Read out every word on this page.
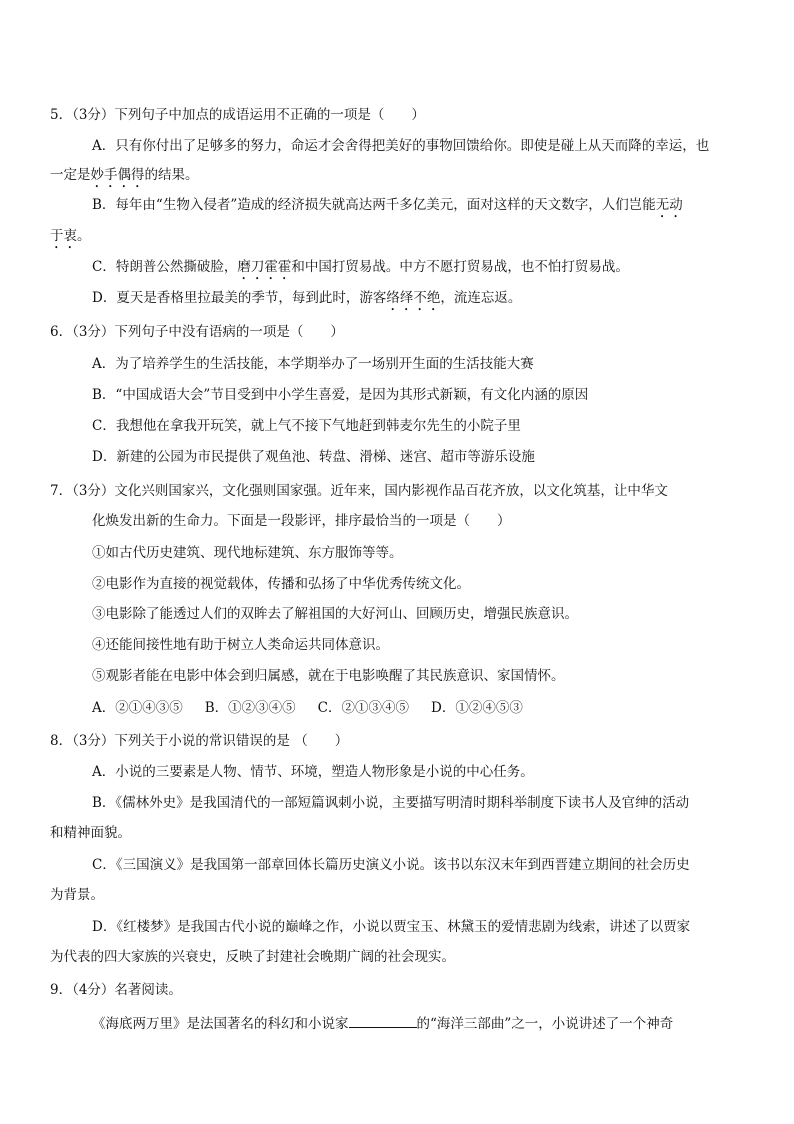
5．（3分）下列句子中加点的成语运用不正确的一项是（　　）
A．只有你付出了足够多的努力，命运才会舍得把美好的事物回馈给你。即使是碰上从天而降的幸运，也
一定是妙手偶得的结果。
B．每年由“生物入侵者”造成的经济损失就高达两千多亿美元，面对这样的天文数字，人们岂能无动
于衷。
C．特朗普公然撕破脸，磨刀霍霍和中国打贸易战。中方不愿打贸易战，也不怕打贸易战。
D．夏天是香格里拉最美的季节，每到此时，游客络绎不绝，流连忘返。
6．（3分）下列句子中没有语病的一项是（　　）
A．为了培养学生的生活技能，本学期举办了一场别开生面的生活技能大赛
B．“中国成语大会”节目受到中小学生喜爱，是因为其形式新颖，有文化内涵的原因
C．我想他在拿我开玩笑，就上气不接下气地赶到韩麦尔先生的小院子里
D．新建的公园为市民提供了观鱼池、转盘、滑梯、迷宫、超市等游乐设施
7．（3分）文化兴则国家兴，文化强则国家强。近年来，国内影视作品百花齐放，以文化筑基，让中华文
化焕发出新的生命力。下面是一段影评，排序最恰当的一项是（　　）
①如古代历史建筑、现代地标建筑、东方服饰等等。
②电影作为直接的视觉载体，传播和弘扬了中华优秀传统文化。
③电影除了能透过人们的双眸去了解祖国的大好河山、回顾历史，增强民族意识。
④还能间接性地有助于树立人类命运共同体意识。
⑤观影者能在电影中体会到归属感，就在于电影唤醒了其民族意识、家国情怀。
A．②①④③⑤ B．①②③④⑤ C．②①③④⑤ D．①②④⑤③
8．（3分）下列关于小说的常识错误的是 （　　）
A．小说的三要素是人物、情节、环境，塑造人物形象是小说的中心任务。
B．《儒林外史》是我国清代的一部短篇讽刺小说，主要描写明清时期科举制度下读书人及官绅的活动
和精神面貌。
C．《三国演义》是我国第一部章回体长篇历史演义小说。该书以东汉末年到西晋建立期间的社会历史
为背景。
D．《红楼梦》是我国古代小说的巅峰之作，小说以贾宝玉、林黛玉的爱情悲剧为线索，讲述了以贾家
为代表的四大家族的兴衰史，反映了封建社会晚期广阔的社会现实。
9．（4分）名著阅读。
《海底两万里》是法国著名的科幻和小说家	的“海洋三部曲”之一，小说讲述了一个神奇
